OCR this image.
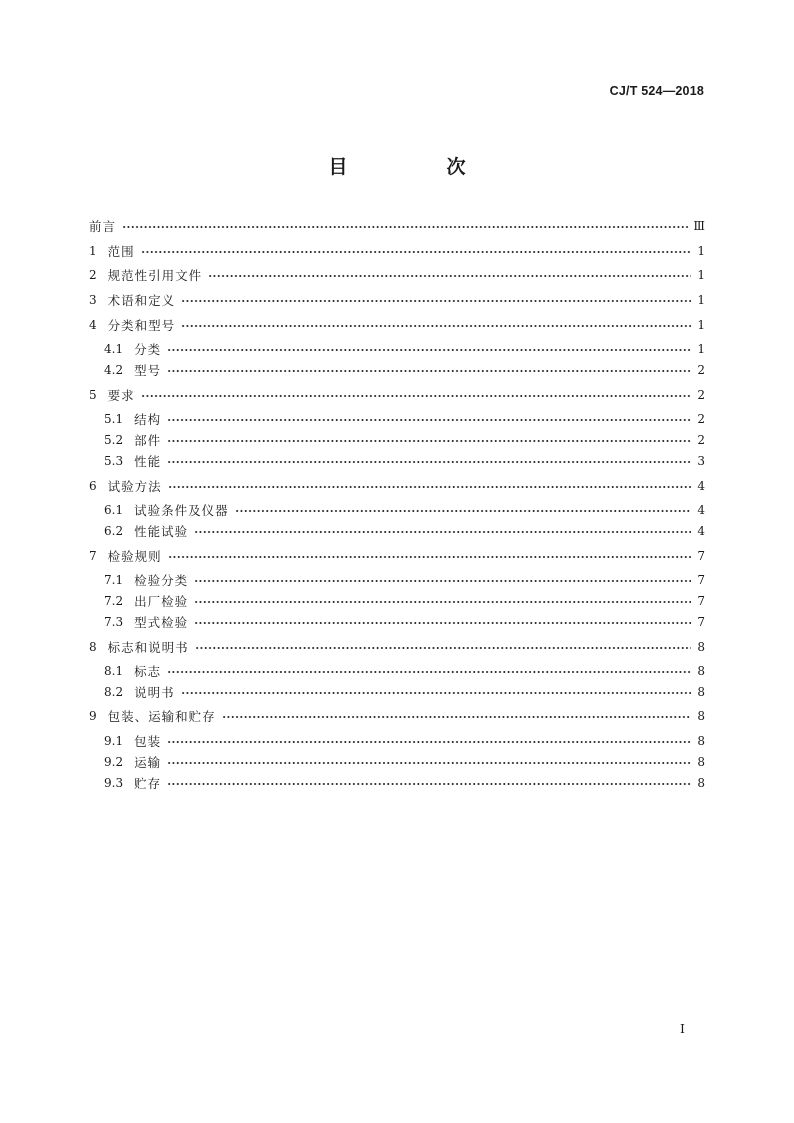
CJ/T 524—2018
目　次
前言	Ⅲ
1 范围	1
2 规范性引用文件	1
3 术语和定义	1
4 分类和型号	1
4.1 分类	1
4.2 型号	2
5 要求	2
5.1 结构	2
5.2 部件	2
5.3 性能	3
6 试验方法	4
6.1 试验条件及仪器	4
6.2 性能试验	4
7 检验规则	7
7.1 检验分类	7
7.2 出厂检验	7
7.3 型式检验	7
8 标志和说明书	8
8.1 标志	8
8.2 说明书	8
9 包装、运输和贮存	8
9.1 包装	8
9.2 运输	8
9.3 贮存	8
I
